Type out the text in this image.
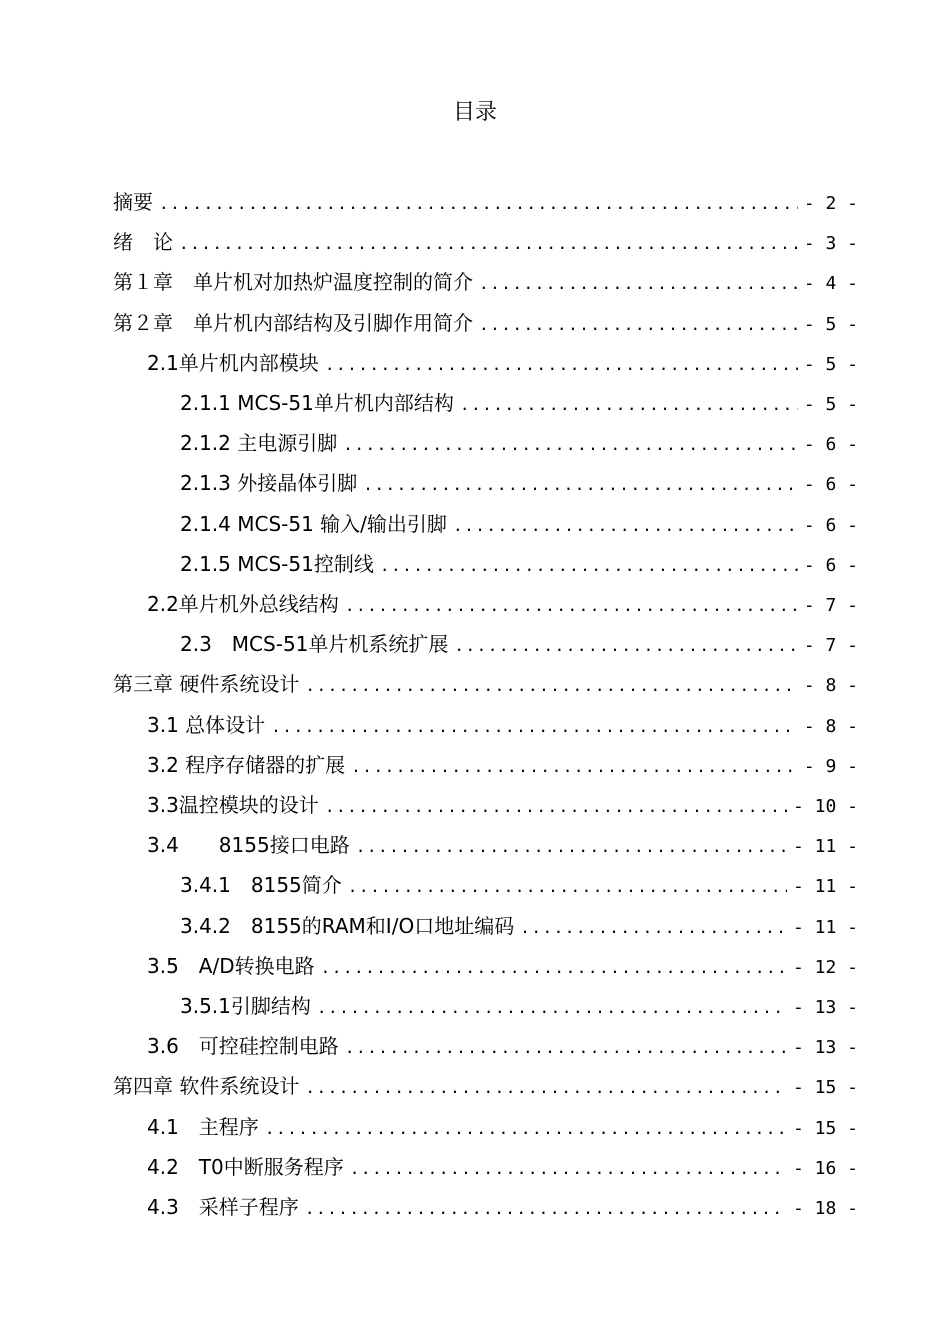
目录
摘要 .....	- 2 -
绪　论 .....	- 3 -
第１章　单片机对加热炉温度控制的简介 .....	- 4 -
第２章　单片机内部结构及引脚作用简介 .....	- 5 -
2.1单片机内部模块 .....	- 5 -
2.1.1 MCS-51单片机内部结构 .....	- 5 -
2.1.2 主电源引脚 .....	- 6 -
2.1.3 外接晶体引脚 .....	- 6 -
2.1.4 MCS-51 输入/输出引脚 .....	- 6 -
2.1.5 MCS-51控制线 .....	- 6 -
2.2单片机外总线结构 .....	- 7 -
2.3　MCS-51单片机系统扩展 .....	- 7 -
第三章 硬件系统设计 .....	- 8 -
3.1 总体设计 .....	- 8 -
3.2 程序存储器的扩展 .....	- 9 -
3.3温控模块的设计 .....	- 10 -
3.4　　8155接口电路 .....	- 11 -
3.4.1　8155简介 .....	- 11 -
3.4.2　8155的RAM和I/O口地址编码 .....	- 11 -
3.5　A/D转换电路 .....	- 12 -
3.5.1引脚结构 .....	- 13 -
3.6　可控硅控制电路 .....	- 13 -
第四章 软件系统设计 .....	- 15 -
4.1　主程序 .....	- 15 -
4.2　T0中断服务程序 .....	- 16 -
4.3　采样子程序 .....	- 18 -
